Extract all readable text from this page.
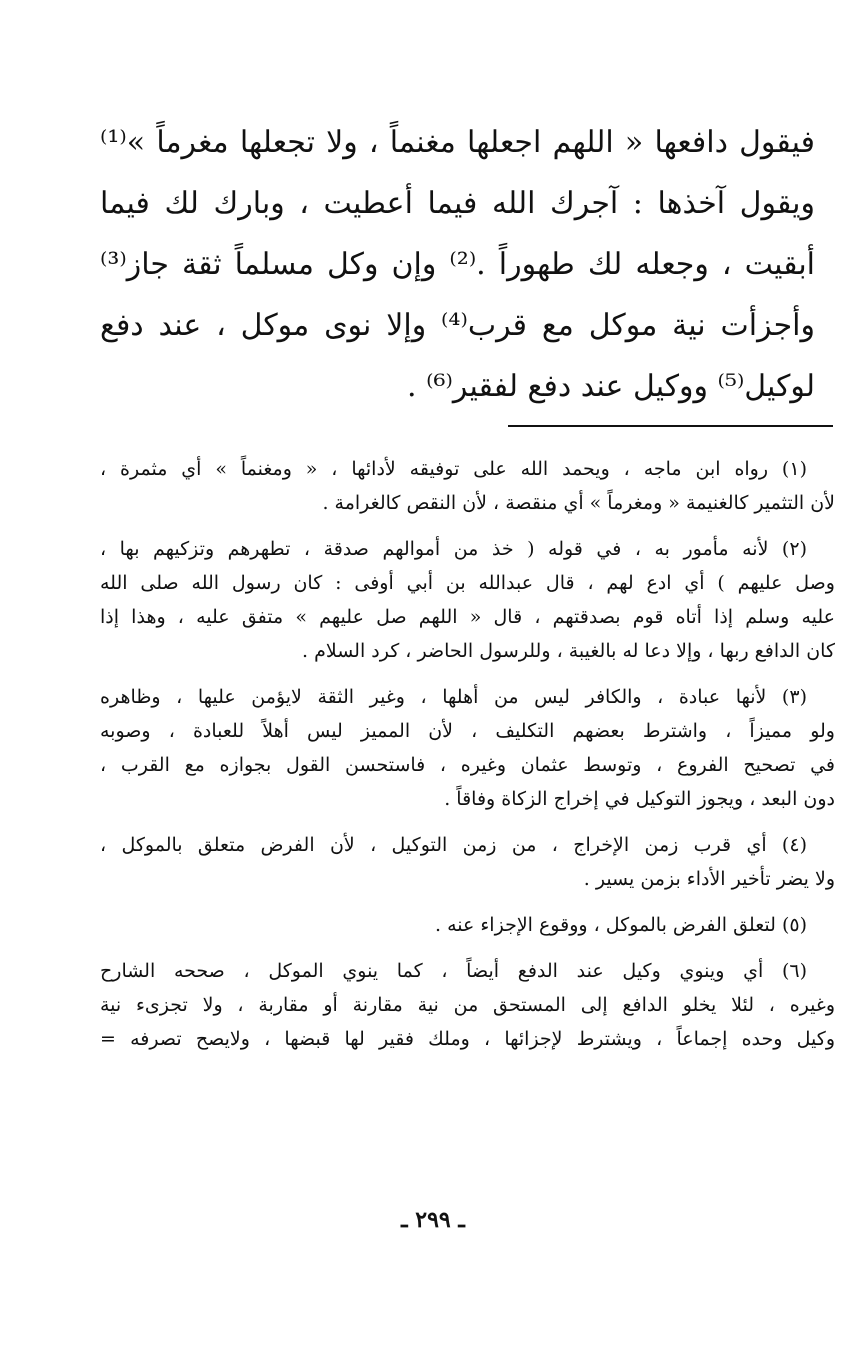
فيقول دافعها « اللهم اجعلها مغنماً ، ولا تجعلها مغرماً »⁽¹⁾
ويقول آخذها : آجرك الله فيما أعطيت ، وبارك لك فيما
أبقيت ، وجعله لك طهوراً .⁽²⁾ وإن وكل مسلماً ثقة جاز⁽³⁾
وأجزأت نية موكل مع قرب⁽⁴⁾ وإلا نوى موكل ، عند دفع
لوكيل⁽⁵⁾ ووكيل عند دفع لفقير⁽⁶⁾ .
(١) رواه ابن ماجه ، ويحمد الله على توفيقه لأدائها ، « ومغنماً » أي مثمرة ،
لأن التثمير كالغنيمة « ومغرماً » أي منقصة ، لأن النقص كالغرامة .
(٢) لأنه مأمور به ، في قوله ( خذ من أموالهم صدقة ، تطهرهم وتزكيهم بها ،
وصل عليهم ) أي ادع لهم ، قال عبدالله بن أبي أوفى : كان رسول الله صلى الله
عليه وسلم إذا أتاه قوم بصدقتهم ، قال « اللهم صل عليهم » متفق عليه ، وهذا إذا
كان الدافع ربها ، وإلا دعا له بالغيبة ، وللرسول الحاضر ، كرد السلام .
(٣) لأنها عبادة ، والكافر ليس من أهلها ، وغير الثقة لايؤمن عليها ، وظاهره
ولو مميزاً ، واشترط بعضهم التكليف ، لأن المميز ليس أهلاً للعبادة ، وصوبه
في تصحيح الفروع ، وتوسط عثمان وغيره ، فاستحسن القول بجوازه مع القرب ،
دون البعد ، ويجوز التوكيل في إخراج الزكاة وفاقاً .
(٤) أي قرب زمن الإخراج ، من زمن التوكيل ، لأن الفرض متعلق بالموكل ،
ولا يضر تأخير الأداء بزمن يسير .
(٥) لتعلق الفرض بالموكل ، ووقوع الإجزاء عنه .
(٦) أي وينوي وكيل عند الدفع أيضاً ، كما ينوي الموكل ، صححه الشارح
وغيره ، لئلا يخلو الدافع إلى المستحق من نية مقارنة أو مقاربة ، ولا تجزىء نية
وكيل وحده إجماعاً ، ويشترط لإجزائها ، وملك فقير لها قبضها ، ولايصح تصرفه =
ـ ٢٩٩ ـ
